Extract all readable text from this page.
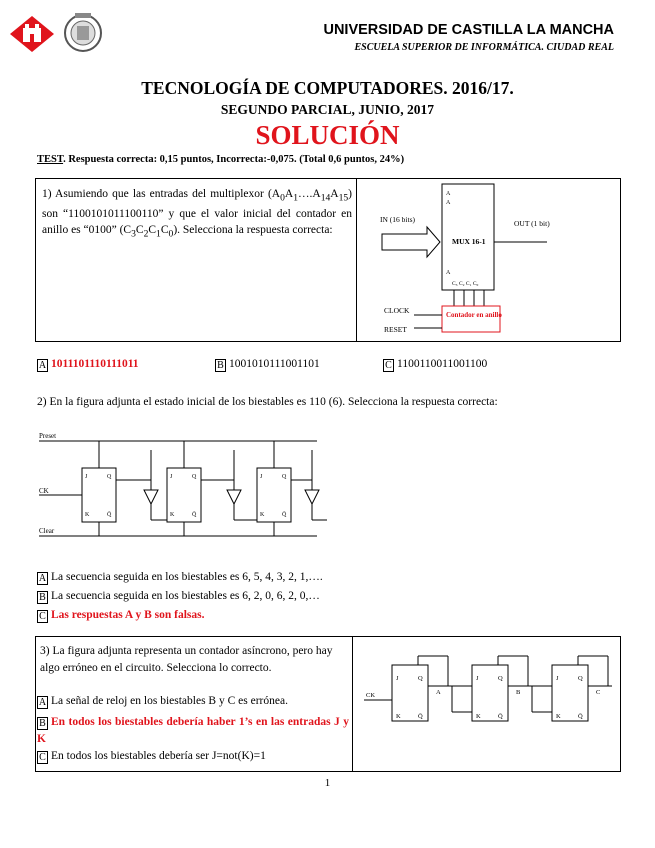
UNIVERSIDAD DE CASTILLA LA MANCHA
ESCUELA SUPERIOR DE INFORMÁTICA. CIUDAD REAL
TECNOLOGÍA DE COMPUTADORES. 2016/17.
SEGUNDO PARCIAL, JUNIO, 2017
SOLUCIÓN
TEST. Respuesta correcta: 0,15 puntos, Incorrecta:-0,075. (Total 0,6 puntos, 24%)
1) Asumiendo que las entradas del multiplexor $(A_0A_1\dots.A_{14}A_{15})$ son “1100101011100110” y que el valor inicial del contador en anillo es “0100” $(C_3C_2C_1C_0)$. Selecciona la respuesta correcta:
A
A
A
MUX 16-1
IN (16 bits)	OUT (1 bit)
C₃ C₂ C₁ C₀
Contador en anillo
CLOCK
RESET
A 1011101110111011	B 1001010111001101	C 1100110011001100
2) En la figura adjunta el estado inicial de los biestables es 110 (6). Selecciona la respuesta correcta:
Preset
CK
Clear
J
K
Q
Q̄
J
K
Q
Q̄
J
K
Q
Q̄
A La secuencia seguida en los biestables es 6, 5, 4, 3, 2, 1,….
B La secuencia seguida en los biestables es 6, 2, 0, 6, 2, 0,…
C Las respuestas A y B son falsas.
3) La figura adjunta representa un contador asíncrono, pero hay algo erróneo en el circuito. Selecciona lo correcto.
A La señal de reloj en los biestables B y C es errónea.
B En todos los biestables debería haber 1’s en las entradas J y K
C En todos los biestables debería ser J=not(K)=1
CK
J
K
Q
Q̄
J
K
Q
Q̄
J
K
Q
Q̄
A	B	C
1
